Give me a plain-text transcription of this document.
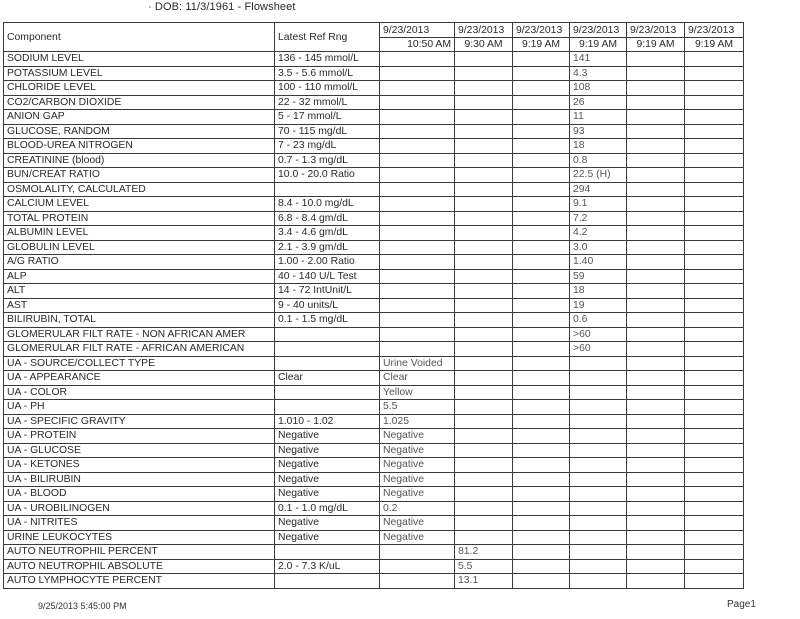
· DOB: 11/3/1961 - Flowsheet
Component	Latest Ref Rng	9/23/2013	9/23/2013	9/23/2013	9/23/2013	9/23/2013	9/23/2013
		10:50 AM	9:30 AM	9:19 AM	9:19 AM	9:19 AM	9:19 AM
SODIUM LEVEL	136 - 145 mmol/L				141		
POTASSIUM LEVEL	3.5 - 5.6 mmol/L				4.3		
CHLORIDE LEVEL	100 - 110 mmol/L				108		
CO2/CARBON DIOXIDE	22 - 32 mmol/L				26		
ANION GAP	5 - 17 mmol/L				11		
GLUCOSE, RANDOM	70 - 115 mg/dL				93		
BLOOD-UREA NITROGEN	7 - 23 mg/dL				18		
CREATININE (blood)	0.7 - 1.3 mg/dL				0.8		
BUN/CREAT RATIO	10.0 - 20.0 Ratio				22.5 (H)		
OSMOLALITY, CALCULATED					294		
CALCIUM LEVEL	8.4 - 10.0 mg/dL				9.1		
TOTAL PROTEIN	6.8 - 8.4 gm/dL				7.2		
ALBUMIN LEVEL	3.4 - 4.6 gm/dL				4.2		
GLOBULIN LEVEL	2.1 - 3.9 gm/dL				3.0		
A/G RATIO	1.00 - 2.00 Ratio				1.40		
ALP	40 - 140 U/L Test				59		
ALT	14 - 72 IntUnit/L				18		
AST	9 - 40 units/L				19		
BILIRUBIN, TOTAL	0.1 - 1.5 mg/dL				0.6		
GLOMERULAR FILT RATE - NON AFRICAN AMER					>60		
GLOMERULAR FILT RATE - AFRICAN AMERICAN					>60		
UA - SOURCE/COLLECT TYPE		Urine Voided					
UA - APPEARANCE	Clear	Clear					
UA - COLOR		Yellow					
UA - PH		5.5					
UA - SPECIFIC GRAVITY	1.010 - 1.02	1.025					
UA - PROTEIN	Negative	Negative					
UA - GLUCOSE	Negative	Negative					
UA - KETONES	Negative	Negative					
UA - BILIRUBIN	Negative	Negative					
UA - BLOOD	Negative	Negative					
UA - UROBILINOGEN	0.1 - 1.0 mg/dL	0.2					
UA - NITRITES	Negative	Negative					
URINE LEUKOCYTES	Negative	Negative					
AUTO NEUTROPHIL PERCENT			81.2				
AUTO NEUTROPHIL ABSOLUTE	2.0 - 7.3 K/uL		5.5				
AUTO LYMPHOCYTE PERCENT			13.1				
9/25/2013 5:45:00 PM	Page1
